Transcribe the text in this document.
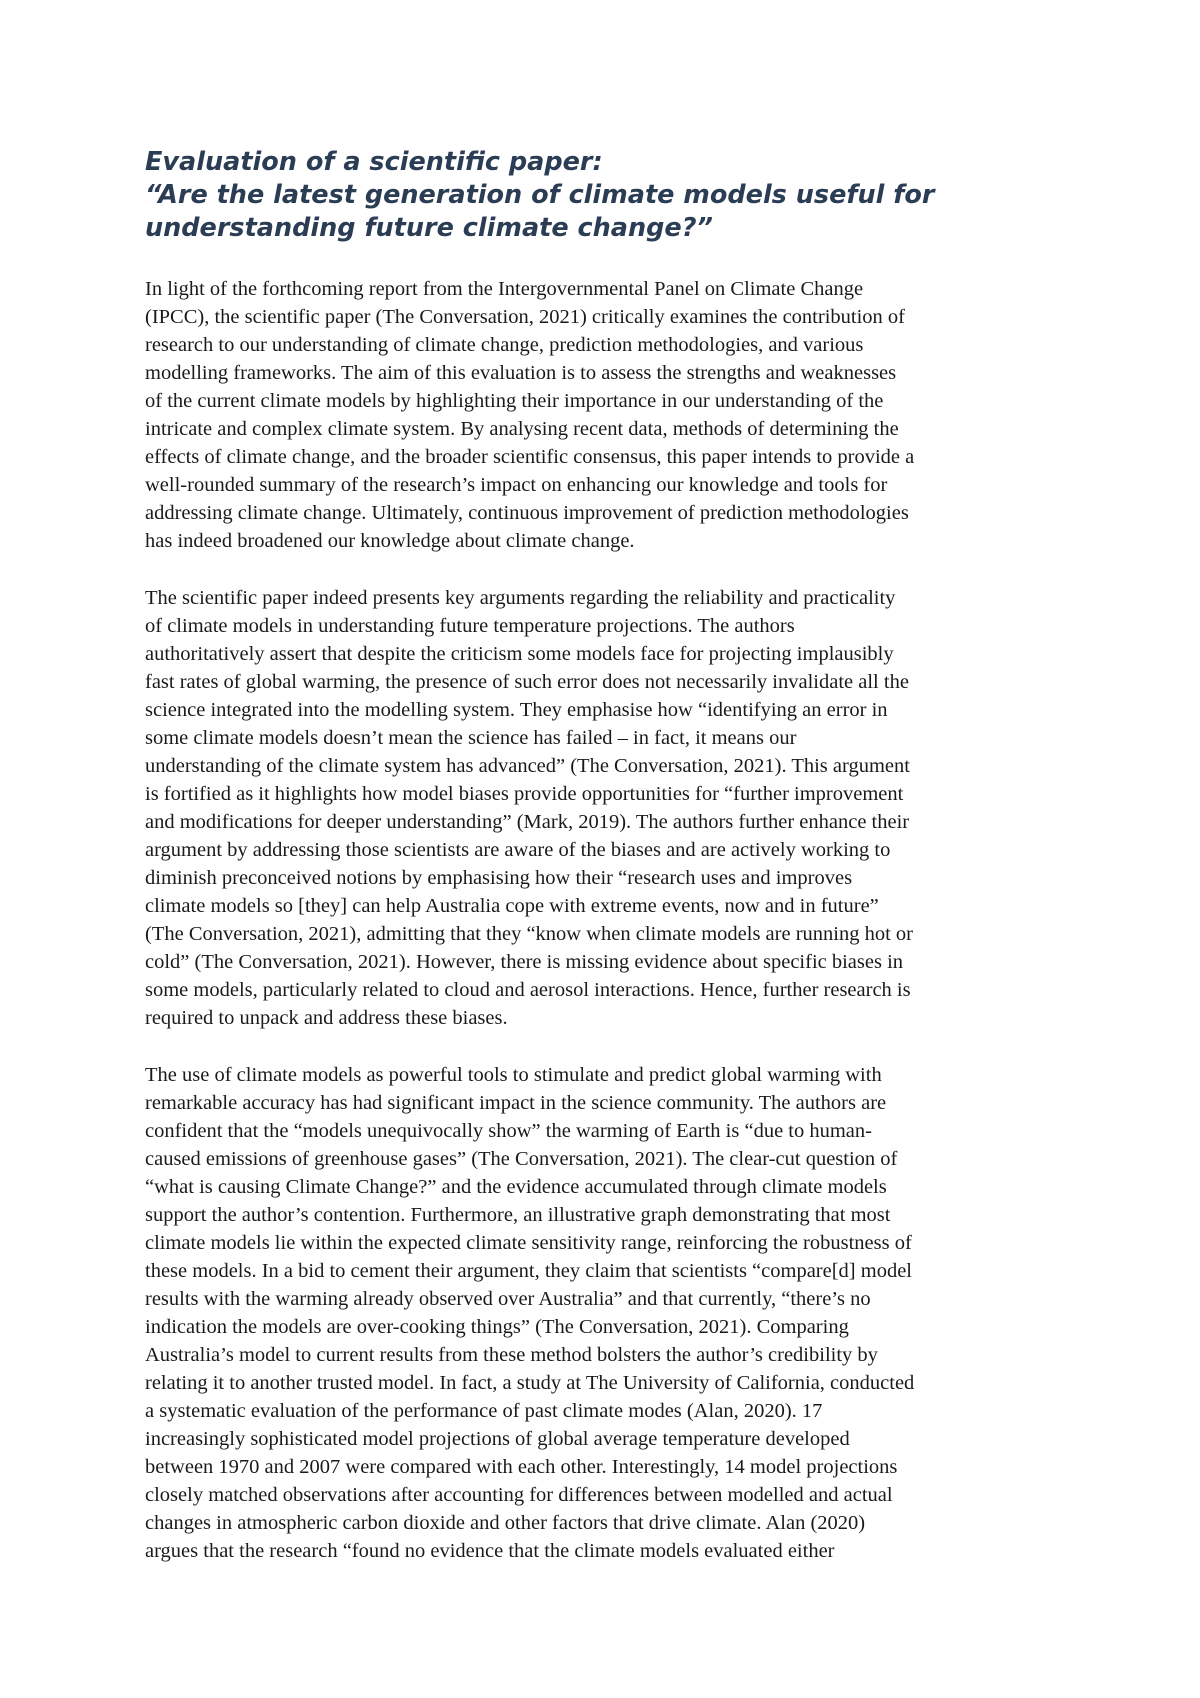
Evaluation of a scientific paper:
“Are the latest generation of climate models useful for
understanding future climate change?”

In light of the forthcoming report from the Intergovernmental Panel on Climate Change
(IPCC), the scientific paper (The Conversation, 2021) critically examines the contribution of
research to our understanding of climate change, prediction methodologies, and various
modelling frameworks. The aim of this evaluation is to assess the strengths and weaknesses
of the current climate models by highlighting their importance in our understanding of the
intricate and complex climate system. By analysing recent data, methods of determining the
effects of climate change, and the broader scientific consensus, this paper intends to provide a
well-rounded summary of the research’s impact on enhancing our knowledge and tools for
addressing climate change. Ultimately, continuous improvement of prediction methodologies
has indeed broadened our knowledge about climate change.

The scientific paper indeed presents key arguments regarding the reliability and practicality
of climate models in understanding future temperature projections. The authors
authoritatively assert that despite the criticism some models face for projecting implausibly
fast rates of global warming, the presence of such error does not necessarily invalidate all the
science integrated into the modelling system. They emphasise how “identifying an error in
some climate models doesn’t mean the science has failed – in fact, it means our
understanding of the climate system has advanced” (The Conversation, 2021). This argument
is fortified as it highlights how model biases provide opportunities for “further improvement
and modifications for deeper understanding” (Mark, 2019). The authors further enhance their
argument by addressing those scientists are aware of the biases and are actively working to
diminish preconceived notions by emphasising how their “research uses and improves
climate models so [they] can help Australia cope with extreme events, now and in future”
(The Conversation, 2021), admitting that they “know when climate models are running hot or
cold” (The Conversation, 2021). However, there is missing evidence about specific biases in
some models, particularly related to cloud and aerosol interactions. Hence, further research is
required to unpack and address these biases.

The use of climate models as powerful tools to stimulate and predict global warming with
remarkable accuracy has had significant impact in the science community. The authors are
confident that the “models unequivocally show” the warming of Earth is “due to human-
caused emissions of greenhouse gases” (The Conversation, 2021). The clear-cut question of
“what is causing Climate Change?” and the evidence accumulated through climate models
support the author’s contention. Furthermore, an illustrative graph demonstrating that most
climate models lie within the expected climate sensitivity range, reinforcing the robustness of
these models. In a bid to cement their argument, they claim that scientists “compare[d] model
results with the warming already observed over Australia” and that currently, “there’s no
indication the models are over-cooking things” (The Conversation, 2021). Comparing
Australia’s model to current results from these method bolsters the author’s credibility by
relating it to another trusted model. In fact, a study at The University of California, conducted
a systematic evaluation of the performance of past climate modes (Alan, 2020). 17
increasingly sophisticated model projections of global average temperature developed
between 1970 and 2007 were compared with each other. Interestingly, 14 model projections
closely matched observations after accounting for differences between modelled and actual
changes in atmospheric carbon dioxide and other factors that drive climate. Alan (2020)
argues that the research “found no evidence that the climate models evaluated either
